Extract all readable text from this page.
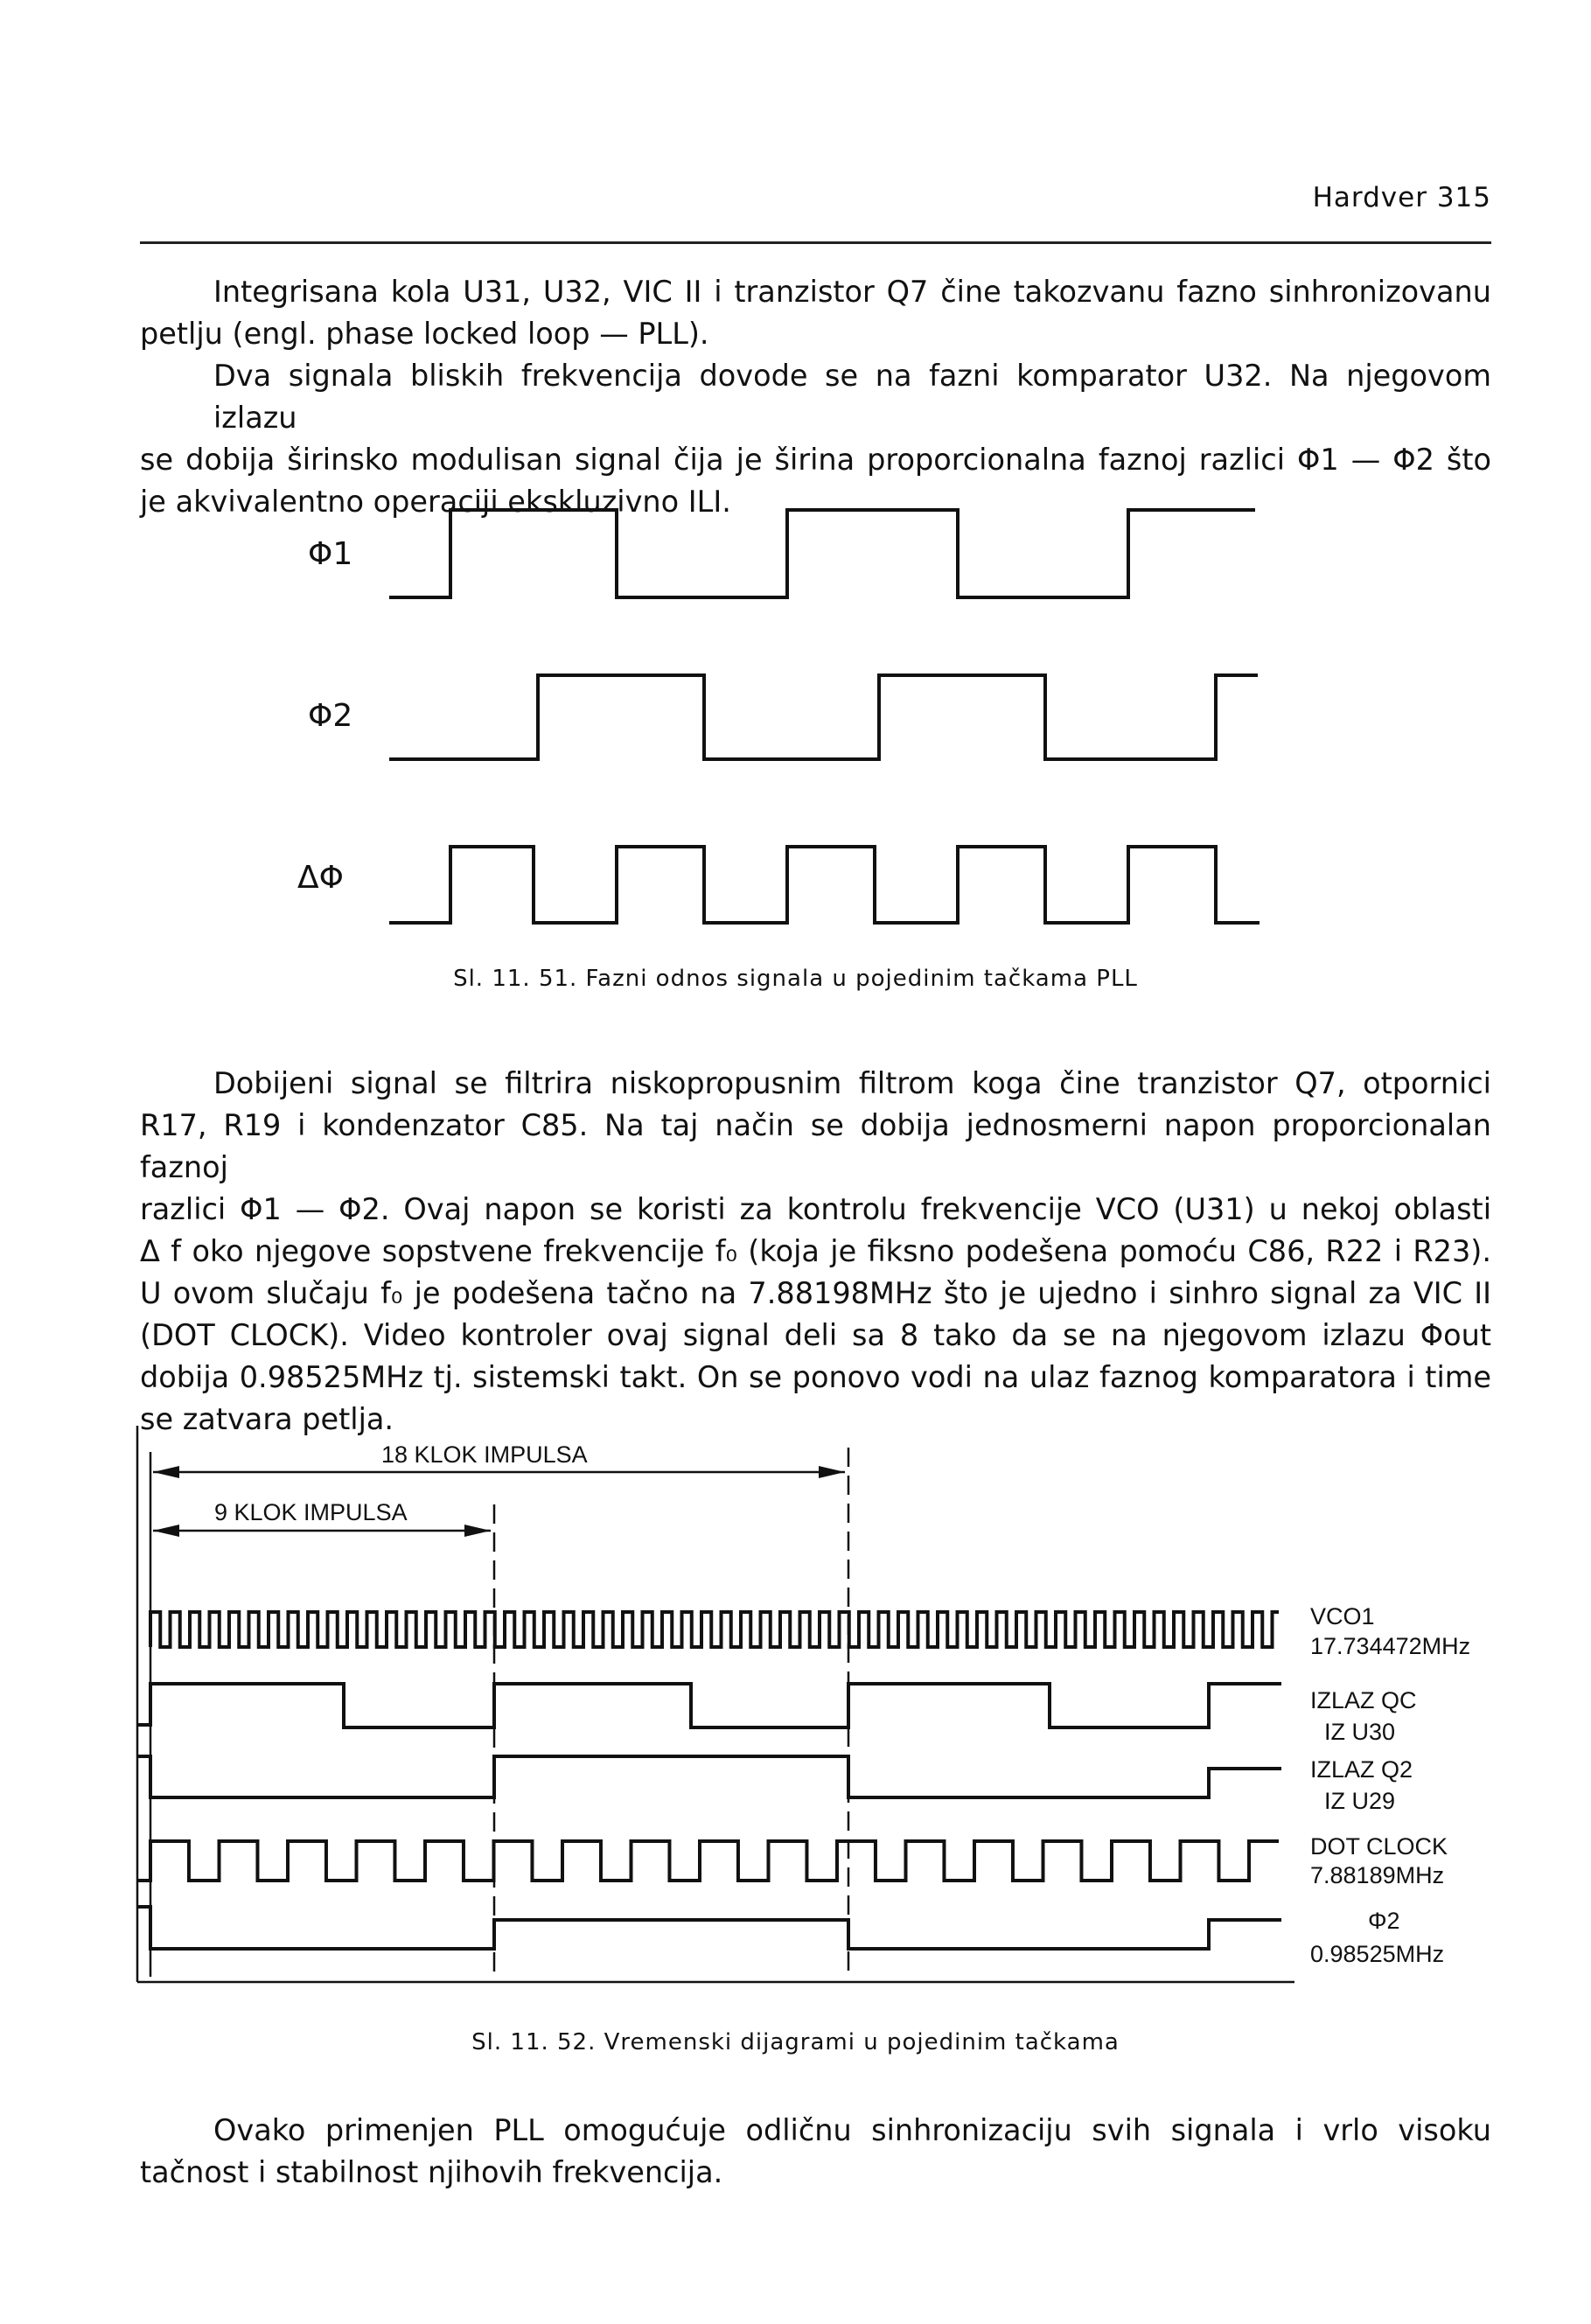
Hardver 315
Integrisana kola U31, U32, VIC II i tranzistor Q7 čine takozvanu fazno sinhronizovanu
petlju (engl. phase locked loop — PLL).
Dva signala bliskih frekvencija dovode se na fazni komparator U32. Na njegovom izlazu
se dobija širinsko modulisan signal čija je širina proporcionalna faznoj razlici Φ1 — Φ2 što
je akvivalentno operaciji ekskluzivno ILI.
Φ1
Φ2
ΔΦ
18 KLOK IMPULSA
9 KLOK IMPULSA
VCO1
17.734472MHz
IZLAZ QC
IZ U30
IZLAZ Q2
IZ U29
DOT CLOCK
7.88189MHz
Φ2
0.98525MHz
Sl. 11. 51. Fazni odnos signala u pojedinim tačkama PLL
Dobijeni signal se filtrira niskopropusnim filtrom koga čine tranzistor Q7, otpornici
R17, R19 i kondenzator C85. Na taj način se dobija jednosmerni napon proporcionalan faznoj
razlici Φ1 — Φ2. Ovaj napon se koristi za kontrolu frekvencije VCO (U31) u nekoj oblasti
Δ f oko njegove sopstvene frekvencije f₀ (koja je fiksno podešena pomoću C86, R22 i R23).
U ovom slučaju f₀ je podešena tačno na 7.88198MHz što je ujedno i sinhro signal za VIC II
(DOT CLOCK). Video kontroler ovaj signal deli sa 8 tako da se na njegovom izlazu Φout
dobija 0.98525MHz tj. sistemski takt. On se ponovo vodi na ulaz faznog komparatora i time
se zatvara petlja.
Sl. 11. 52. Vremenski dijagrami u pojedinim tačkama
Ovako primenjen PLL omogućuje odličnu sinhronizaciju svih signala i vrlo visoku
tačnost i stabilnost njihovih frekvencija.
